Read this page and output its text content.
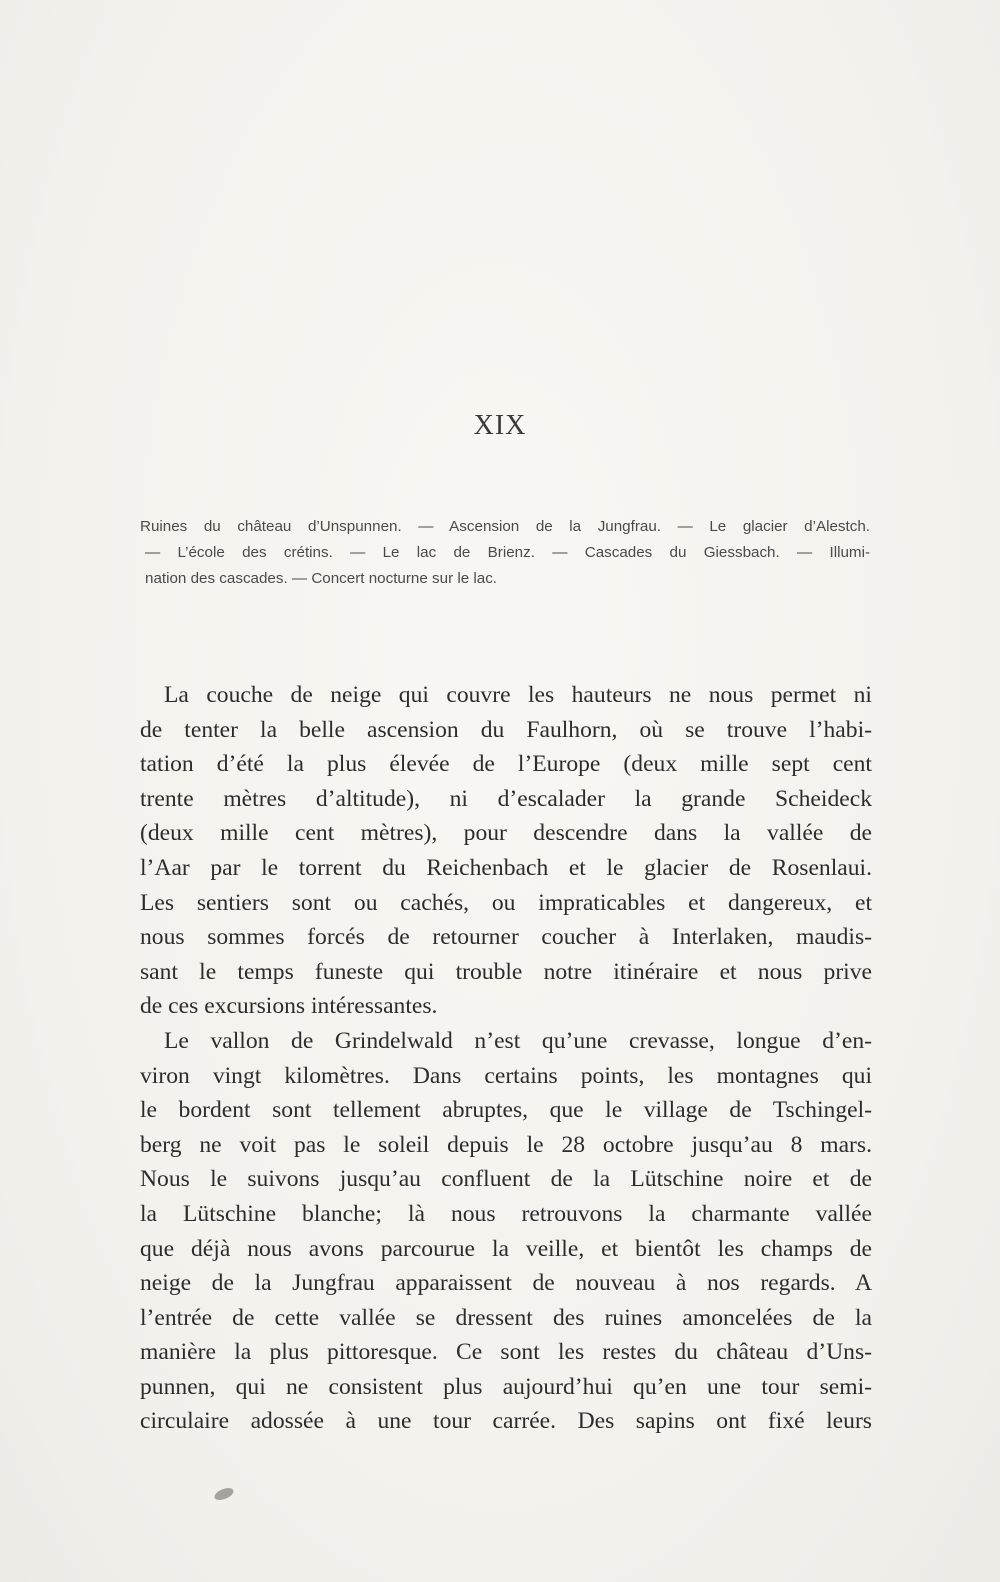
XIX
Ruines du château d’Unspunnen. — Ascension de la Jungfrau. — Le glacier d’Alestch.
— L’école des crétins. — Le lac de Brienz. — Cascades du Giessbach. — Illumi-
nation des cascades. — Concert nocturne sur le lac.
La couche de neige qui couvre les hauteurs ne nous permet ni
de tenter la belle ascension du Faulhorn, où se trouve l’habi-
tation d’été la plus élevée de l’Europe (deux mille sept cent
trente mètres d’altitude), ni d’escalader la grande Scheideck
(deux mille cent mètres), pour descendre dans la vallée de
l’Aar par le torrent du Reichenbach et le glacier de Rosenlaui.
Les sentiers sont ou cachés, ou impraticables et dangereux, et
nous sommes forcés de retourner coucher à Interlaken, maudis-
sant le temps funeste qui trouble notre itinéraire et nous prive
de ces excursions intéressantes.
Le vallon de Grindelwald n’est qu’une crevasse, longue d’en-
viron vingt kilomètres. Dans certains points, les montagnes qui
le bordent sont tellement abruptes, que le village de Tschingel-
berg ne voit pas le soleil depuis le 28 octobre jusqu’au 8 mars.
Nous le suivons jusqu’au confluent de la Lütschine noire et de
la Lütschine blanche; là nous retrouvons la charmante vallée
que déjà nous avons parcourue la veille, et bientôt les champs de
neige de la Jungfrau apparaissent de nouveau à nos regards. A
l’entrée de cette vallée se dressent des ruines amoncelées de la
manière la plus pittoresque. Ce sont les restes du château d’Uns-
punnen, qui ne consistent plus aujourd’hui qu’en une tour semi-
circulaire adossée à une tour carrée. Des sapins ont fixé leurs
